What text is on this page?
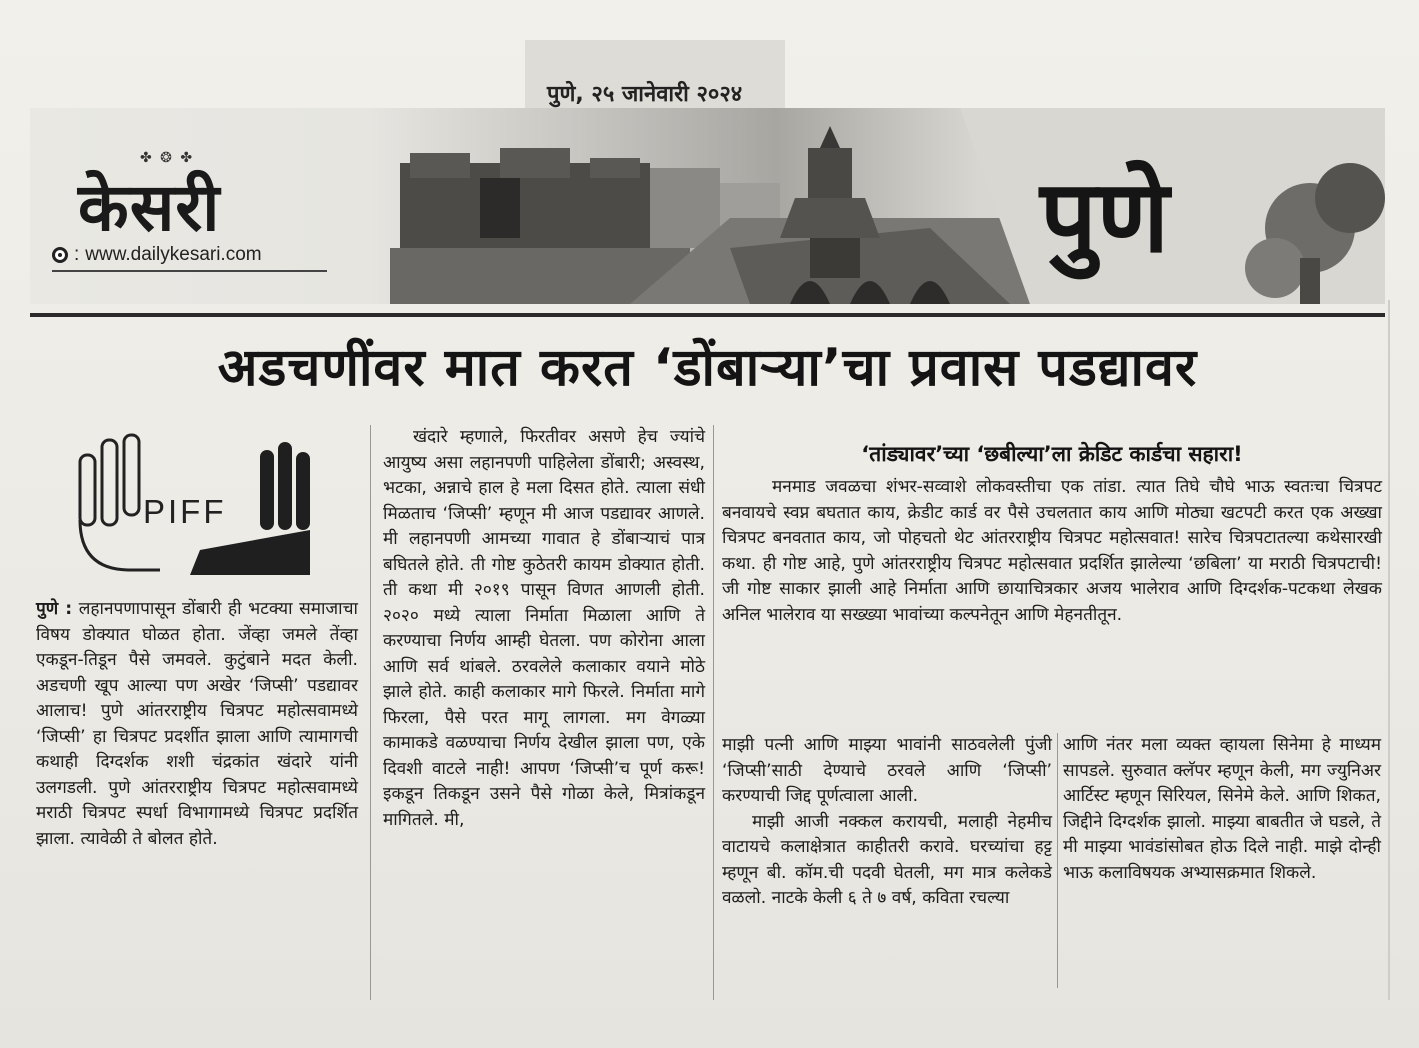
पुणे, २५ जानेवारी २०२४
✤ ❂ ✤
केसरी
: www.dailykesari.com	पुणे
अडचणींवर मात करत ‘डोंबाऱ्या’चा प्रवास पडद्यावर
PIFF

पुणे : लहानपणापासून डोंबारी ही भटक्या समाजाचा विषय डोक्यात घोळत होता. जेंव्हा जमले तेंव्हा एकडून-तिडून पैसे जमवले. कुटुंबाने मदत केली. अडचणी खूप आल्या पण अखेर ‘जिप्सी’ पडद्यावर आलाच! पुणे आंतरराष्ट्रीय चित्रपट महोत्सवामध्ये ‘जिप्सी’ हा चित्रपट प्रदर्शीत झाला आणि त्यामागची कथाही दिग्दर्शक शशी चंद्रकांत खंदारे यांनी उलगडली. पुणे आंतरराष्ट्रीय चित्रपट महोत्सवामध्ये मराठी चित्रपट स्पर्धा विभागामध्ये चित्रपट प्रदर्शित झाला. त्यावेळी ते बोलत होते.

खंदारे म्हणाले, फिरतीवर असणे हेच ज्यांचे आयुष्य असा लहानपणी पाहिलेला डोंबारी; अस्वस्थ, भटका, अन्नाचे हाल हे मला दिसत होते. त्याला संधी मिळताच ‘जिप्सी’ म्हणून मी आज पडद्यावर आणले. मी लहानपणी आमच्या गावात हे डोंबाऱ्याचं पात्र बघितले होते. ती गोष्ट कुठेतरी कायम डोक्यात होती. ती कथा मी २०१९ पासून विणत आणली होती. २०२० मध्ये त्याला निर्माता मिळाला आणि ते करण्याचा निर्णय आम्ही घेतला. पण कोरोना आला आणि सर्व थांबले. ठरवलेले कलाकार वयाने मोठे झाले होते. काही कलाकार मागे फिरले. निर्माता मागे फिरला, पैसे परत मागू लागला. मग वेगळ्या कामाकडे वळण्याचा निर्णय देखील झाला पण, एके दिवशी वाटले नाही! आपण ‘जिप्सी’च पूर्ण करू! इकडून तिकडून उसने पैसे गोळा केले, मित्रांकडून मागितले. मी,

‘तांड्यावर’च्या ‘छबील्या’ला क्रेडिट कार्डचा सहारा!
मनमाड जवळचा शंभर-सव्वाशे लोकवस्तीचा एक तांडा. त्यात तिघे चौघे भाऊ स्वतःचा चित्रपट बनवायचे स्वप्न बघतात काय, क्रेडीट कार्ड वर पैसे उचलतात काय आणि मोठ्या खटपटी करत एक अख्खा चित्रपट बनवतात काय, जो पोहचतो थेट आंतरराष्ट्रीय चित्रपट महोत्सवात! सारेच चित्रपटातल्या कथेसारखी कथा. ही गोष्ट आहे, पुणे आंतरराष्ट्रीय चित्रपट महोत्सवात प्रदर्शित झालेल्या ‘छबिला’ या मराठी चित्रपटाची! जी गोष्ट साकार झाली आहे निर्माता आणि छायाचित्रकार अजय भालेराव आणि दिग्दर्शक-पटकथा लेखक अनिल भालेराव या सख्ख्या भावांच्या कल्पनेतून आणि मेहनतीतून.

माझी पत्नी आणि माझ्या भावांनी साठवलेली पुंजी ‘जिप्सी’साठी देण्याचे ठरवले आणि ‘जिप्सी’ करण्याची जिद्द पूर्णत्वाला आली.

माझी आजी नक्कल करायची, मलाही नेहमीच वाटायचे कलाक्षेत्रात काहीतरी करावे. घरच्यांचा हट्ट म्हणून बी. कॉम.ची पदवी घेतली, मग मात्र कलेकडे वळलो. नाटके केली ६ ते ७ वर्ष, कविता रचल्या

आणि नंतर मला व्यक्त व्हायला सिनेमा हे माध्यम सापडले. सुरुवात क्लॅपर म्हणून केली, मग ज्युनिअर आर्टिस्ट म्हणून सिरियल, सिनेमे केले. आणि शिकत, जिद्दीने दिग्दर्शक झालो. माझ्या बाबतीत जे घडले, ते मी माझ्या भावंडांसोबत होऊ दिले नाही. माझे दोन्ही भाऊ कलाविषयक अभ्यासक्रमात शिकले.
